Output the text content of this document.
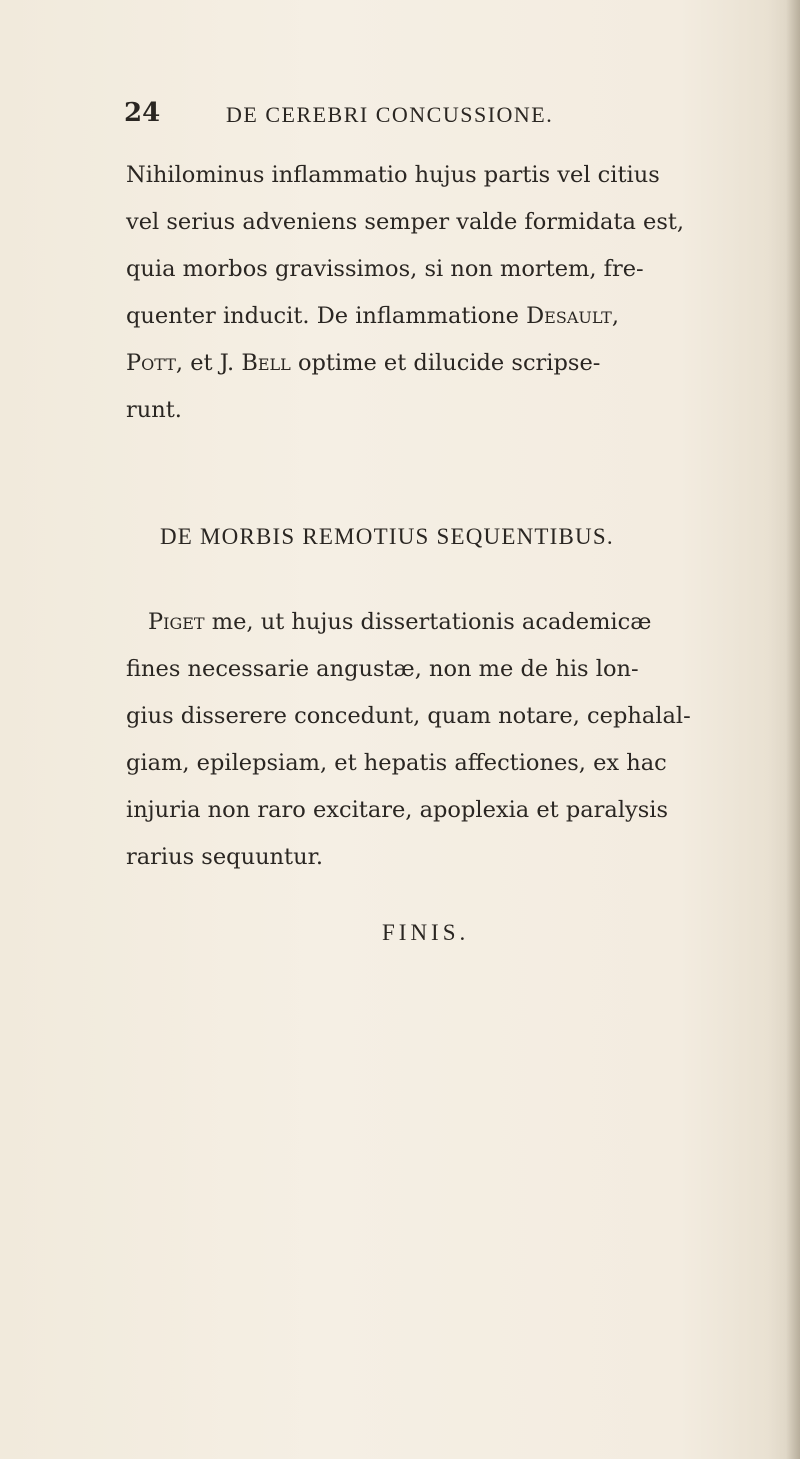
24	DE CEREBRI CONCUSSIONE.
Nihilominus inflammatio hujus partis vel citius
vel serius adveniens semper valde formidata est,
quia morbos gravissimos, si non mortem, fre-
quenter inducit. De inflammatione Desault,
Pott, et J. Bell optime et dilucide scripse-
runt.
DE MORBIS REMOTIUS SEQUENTIBUS.
Piget me, ut hujus dissertationis academicæ
fines necessarie angustæ, non me de his lon-
gius disserere concedunt, quam notare, cephalal-
giam, epilepsiam, et hepatis affectiones, ex hac
injuria non raro excitare, apoplexia et paralysis
rarius sequuntur.
FINIS.
